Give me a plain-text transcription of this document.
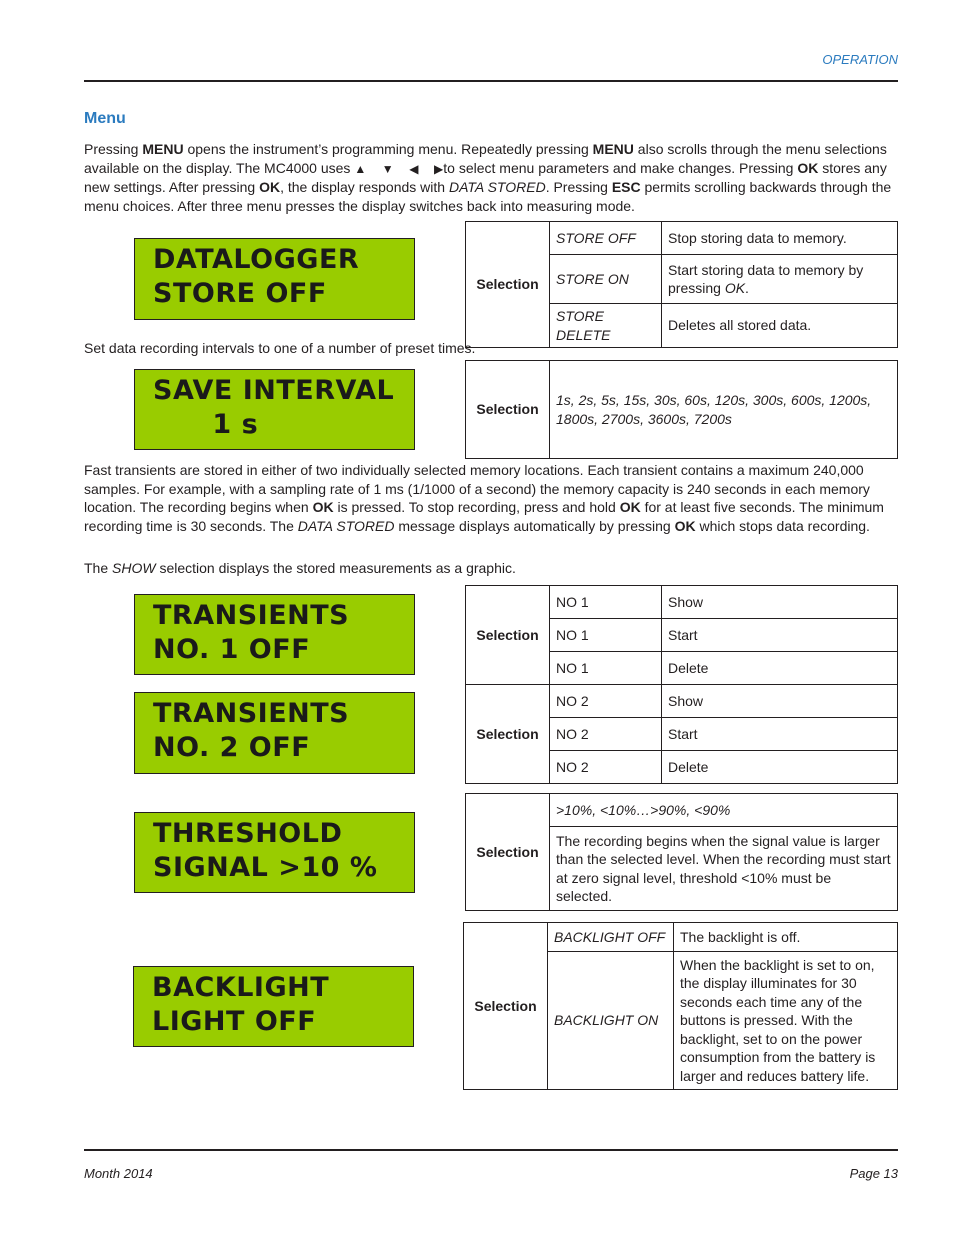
OPERATION
Menu
Pressing MENU opens the instrument’s programming menu. Repeatedly pressing MENU also scrolls through the menu selections available on the display. The MC4000 uses ▲ ▼ ◀ ▶to select menu parameters and make changes. Pressing OK stores any new settings. After pressing OK, the display responds with DATA STORED. Pressing ESC permits scrolling backwards through the menu choices. After three menu presses the display switches back into measuring mode.
DATALOGGER
STORE OFF	Selection	STORE OFF	Stop storing data to memory.
	STORE ON	Start storing data to memory by pressing OK.
	STORE DELETE	Deletes all stored data.
Set data recording intervals to one of a number of preset times.
SAVE INTERVAL
1 s	Selection	1s, 2s, 5s, 15s, 30s, 60s, 120s, 300s, 600s, 1200s, 1800s, 2700s, 3600s, 7200s
Fast transients are stored in either of two individually selected memory locations. Each transient contains a maximum 240,000 samples. For example, with a sampling rate of 1 ms (1/1000 of a second) the memory capacity is 240 seconds in each memory location. The recording begins when OK is pressed. To stop recording, press and hold OK for at least five seconds. The minimum recording time is 30 seconds. The DATA STORED message displays automatically by pressing OK which stops data recording.
The SHOW selection displays the stored measurements as a graphic.
TRANSIENTS
NO. 1 OFF
TRANSIENTS
NO. 2 OFF
Selection	NO 1	Show
	NO 1	Start
	NO 1	Delete
Selection	NO 2	Show
	NO 2	Start
	NO 2	Delete
THRESHOLD
SIGNAL >10 %
Selection	>10%, <10%…>90%, <90%
The recording begins when the signal value is larger than the selected level. When the recording must start at zero signal level, threshold <10% must be selected.
BACKLIGHT
LIGHT OFF
Selection	BACKLIGHT OFF	The backlight is off.
	BACKLIGHT ON	When the backlight is set to on, the display illuminates for 30 seconds each time any of the buttons is pressed. With the backlight, set to on the power consumption from the battery is larger and reduces battery life.
Month 2014	Page 13
